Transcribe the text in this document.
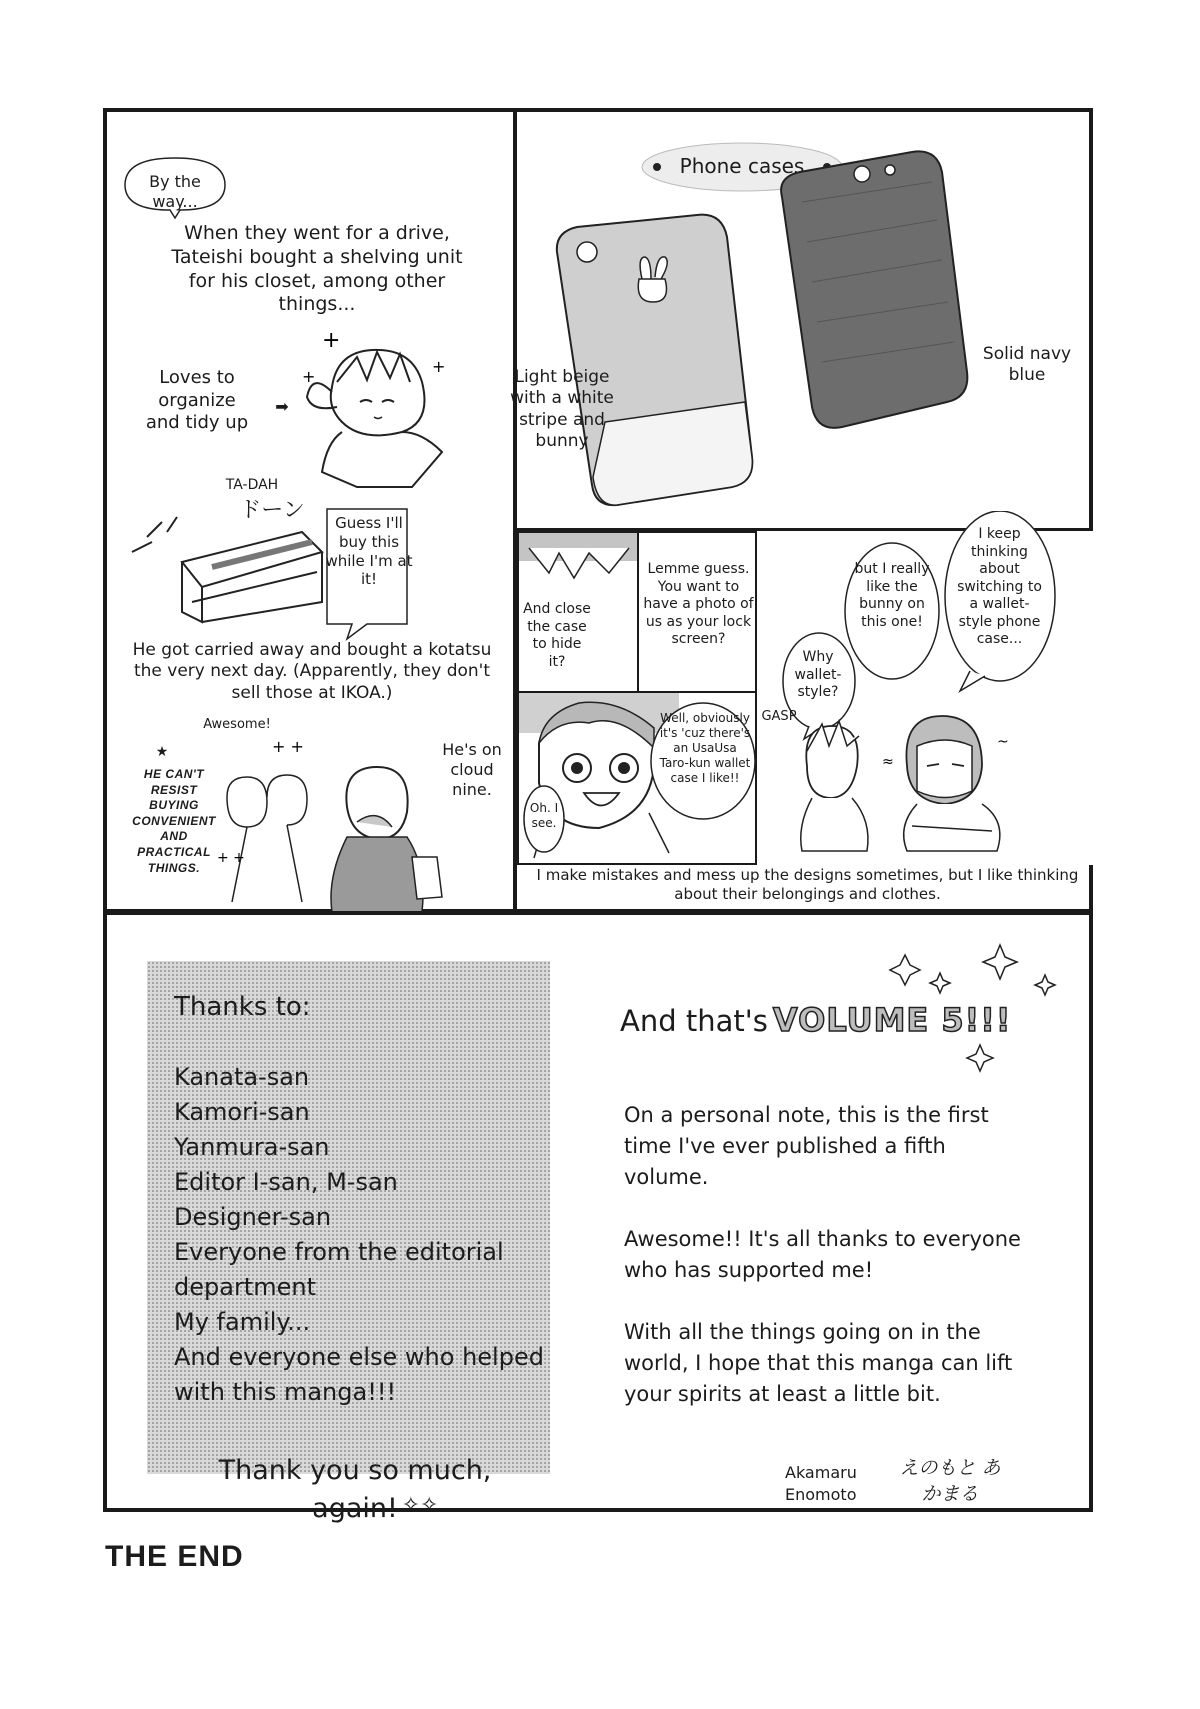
By the way...
When they went for a drive, Tateishi bought a shelving unit for his closet, among other things...
Loves to organize and tidy up
➡
+
+
+
TA-DAH
ドーン	Guess I'll buy this while I'm at it!
He got carried away and bought a kotatsu the very next day. (Apparently, they don't sell those at IKOA.)
Awesome!
HE CAN'T RESIST BUYING CONVENIENT AND PRACTICAL THINGS.
★	+ +
+ +
He's on cloud nine.
Phone cases
Light beige with a white stripe and bunny
Solid navy blue
And close the case to hide it?
Lemme guess. You want to have a photo of us as your lock screen?
I keep thinking about switching to a wallet-style phone case...
but I really like the bunny on this one!
Why wallet-style?
GASP
~
≈
Well, obviously it's 'cuz there's an UsaUsa Taro-kun wallet case I like!!
Oh. I see.
I make mistakes and mess up the designs sometimes, but I like thinking about their belongings and clothes.
Thanks to:
Kanata-san
Kamori-san
Yanmura-san
Editor I-san, M-san
Designer-san
Everyone from the editorial
department
My family...
And everyone else who helped
with this manga!!!
Thank you so much, again! ✧✧
And that's VOLUME 5!!!

On a personal note, this is the first time I've ever published a fifth volume.

Awesome!! It's all thanks to everyone who has supported me!

With all the things going on in the world, I hope that this manga can lift your spirits at least a little bit.

Akamaru
Enomoto
えのもと あかまる
THE END
